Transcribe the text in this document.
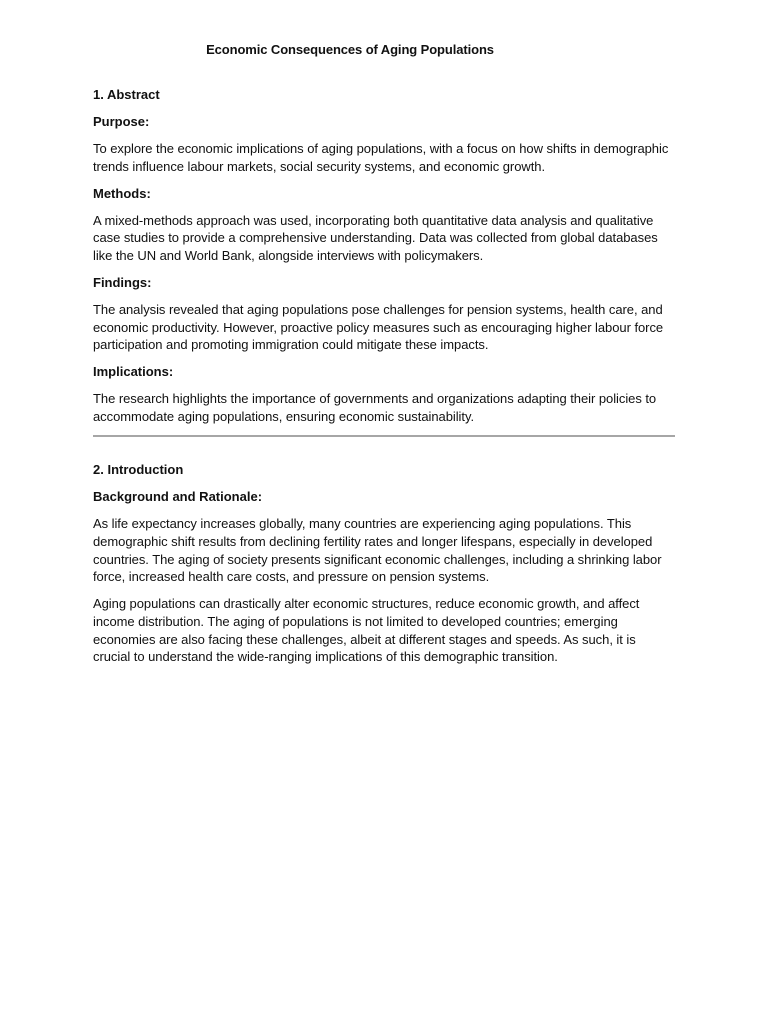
Economic Consequences of Aging Populations
1. Abstract
Purpose:
To explore the economic implications of aging populations, with a focus on how shifts in demographic trends influence labour markets, social security systems, and economic growth.
Methods:
A mixed-methods approach was used, incorporating both quantitative data analysis and qualitative case studies to provide a comprehensive understanding. Data was collected from global databases like the UN and World Bank, alongside interviews with policymakers.
Findings:
The analysis revealed that aging populations pose challenges for pension systems, health care, and economic productivity. However, proactive policy measures such as encouraging higher labour force participation and promoting immigration could mitigate these impacts.
Implications:
The research highlights the importance of governments and organizations adapting their policies to accommodate aging populations, ensuring economic sustainability.
2. Introduction
Background and Rationale:
As life expectancy increases globally, many countries are experiencing aging populations. This demographic shift results from declining fertility rates and longer lifespans, especially in developed countries. The aging of society presents significant economic challenges, including a shrinking labor force, increased health care costs, and pressure on pension systems.
Aging populations can drastically alter economic structures, reduce economic growth, and affect income distribution. The aging of populations is not limited to developed countries; emerging economies are also facing these challenges, albeit at different stages and speeds. As such, it is crucial to understand the wide-ranging implications of this demographic transition.
